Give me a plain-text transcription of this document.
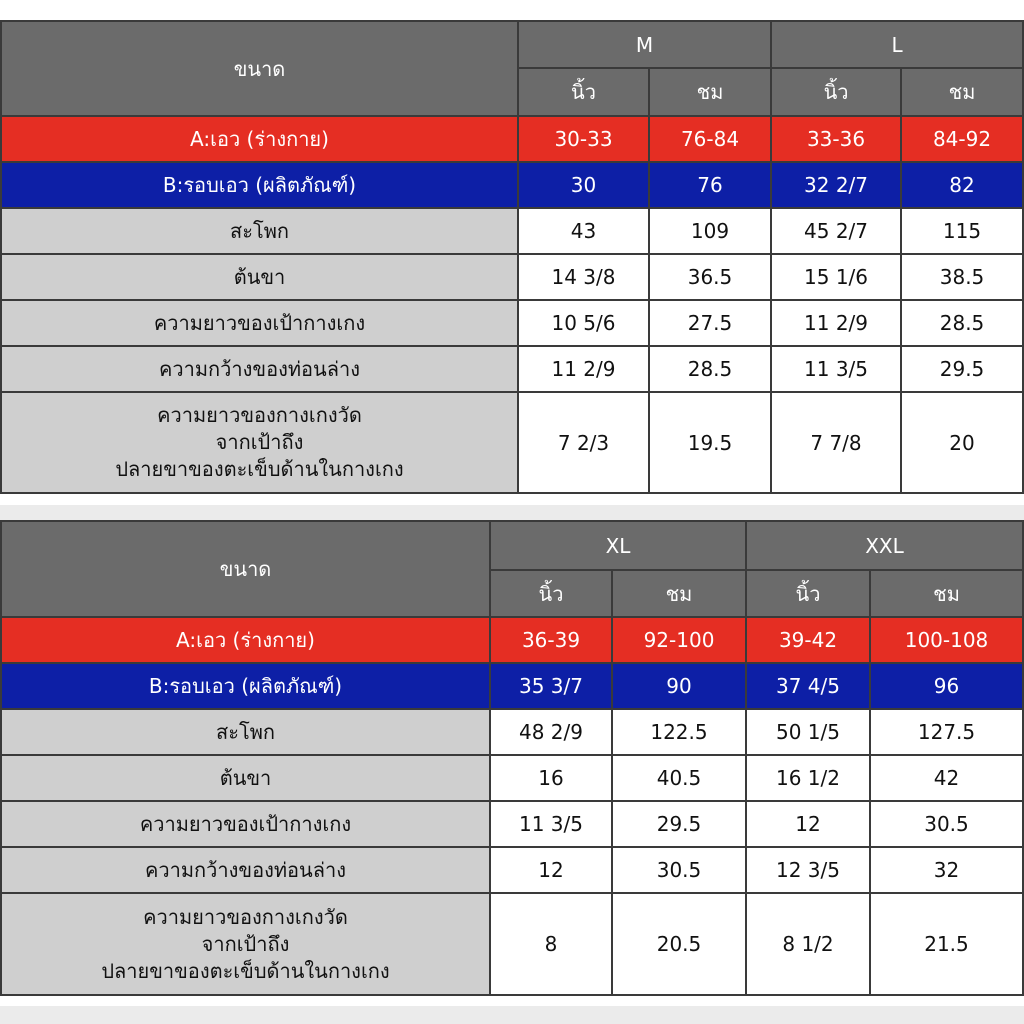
ขนาด	M		L	
	นิ้ว	ชม	นิ้ว	ชม
A:เอว (ร่างกาย)	30-33	76-84	33-36	84-92
B:รอบเอว (ผลิตภัณฑ์)	30	76	32 2/7	82
สะโพก	43	109	45 2/7	115
ต้นขา	14 3/8	36.5	15 1/6	38.5
ความยาวของเป้ากางเกง	10 5/6	27.5	11 2/9	28.5
ความกว้างของท่อนล่าง	11 2/9	28.5	11 3/5	29.5

ความยาวของกางเกงวัด
จากเป้าถึง
ปลายขาของตะเข็บด้านในกางเกง	7 2/3	19.5	7 7/8	20
ขนาด	XL		XXL	
	นิ้ว	ชม	นิ้ว	ชม
A:เอว (ร่างกาย)	36-39	92-100	39-42	100-108
B:รอบเอว (ผลิตภัณฑ์)	35 3/7	90	37 4/5	96
สะโพก	48 2/9	122.5	50 1/5	127.5
ต้นขา	16	40.5	16 1/2	42
ความยาวของเป้ากางเกง	11 3/5	29.5	12	30.5
ความกว้างของท่อนล่าง	12	30.5	12 3/5	32

ความยาวของกางเกงวัด
จากเป้าถึง
ปลายขาของตะเข็บด้านในกางเกง	8	20.5	8 1/2	21.5
